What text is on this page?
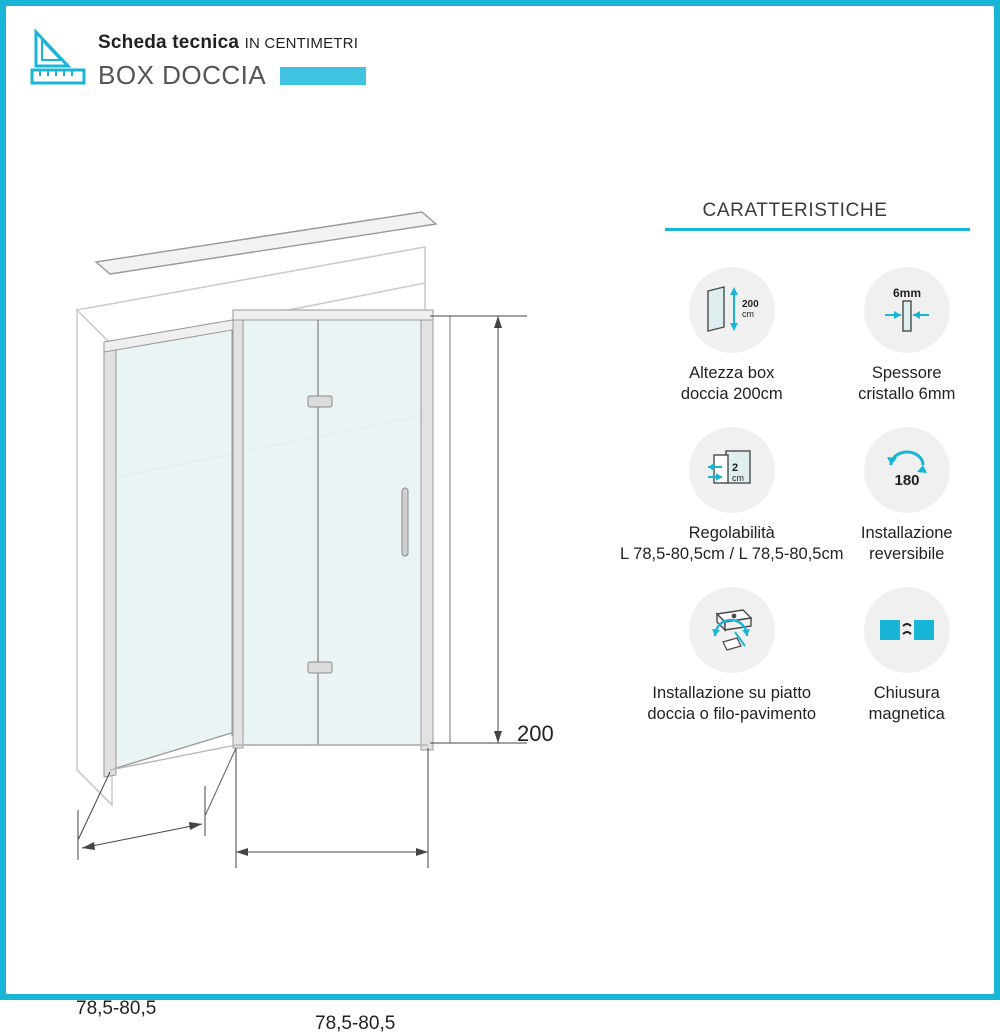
Scheda tecnica IN CENTIMETRI
BOX DOCCIA
200
78,5-80,5
78,5-80,5
CARATTERISTICHE
200
cm
Altezza box
doccia 200cm
6mm
Spessore
cristallo 6mm
2
cm
Regolabilità
L 78,5-80,5cm / L 78,5-80,5cm
180
Installazione
reversibile
Installazione su piatto
doccia o filo-pavimento
Chiusura
magnetica
